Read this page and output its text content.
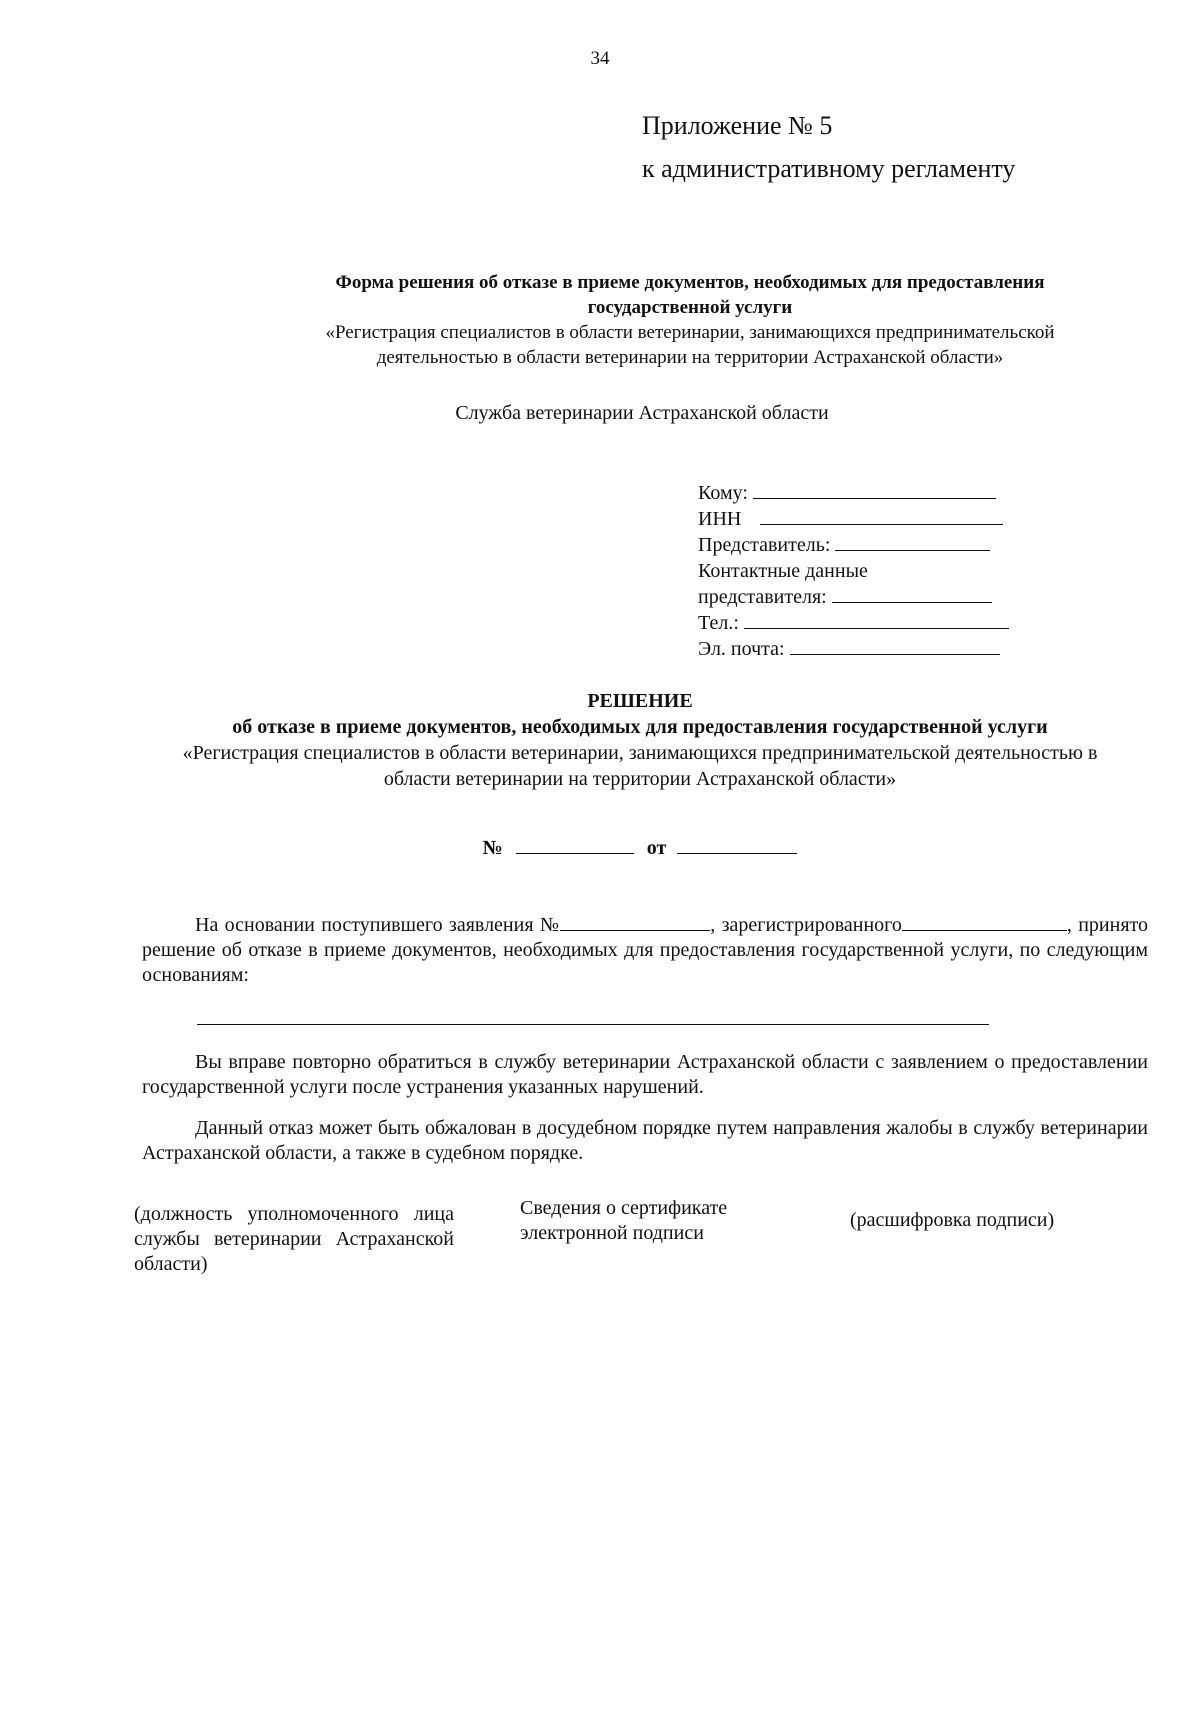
34
Приложение № 5
к административному регламенту
Форма решения об отказе в приеме документов, необходимых для предоставления
государственной услуги
«Регистрация специалистов в области ветеринарии, занимающихся предпринимательской
деятельностью в области ветеринарии на территории Астраханской области»
Служба ветеринарии Астраханской области
Кому:
ИНН
Представитель:
Контактные данные
представителя:
Тел.:
Эл. почта:
РЕШЕНИЕ
об отказе в приеме документов, необходимых для предоставления государственной услуги
«Регистрация специалистов в области ветеринарии, занимающихся предпринимательской деятельностью в
области ветеринарии на территории Астраханской области»
№	от
На основании поступившего заявления №	, зарегистрированного	, принято решение об отказе в приеме документов, необходимых для предоставления государственной услуги, по следующим основаниям:
Вы вправе повторно обратиться в службу ветеринарии Астраханской области с заявлением о предоставлении государственной услуги после устранения указанных нарушений.
Данный отказ может быть обжалован в досудебном порядке путем направления жалобы в службу ветеринарии Астраханской области, а также в судебном порядке.
(должность уполномоченного лица службы ветеринарии Астраханской области)
Сведения о сертификате
электронной подписи
(расшифровка подписи)
